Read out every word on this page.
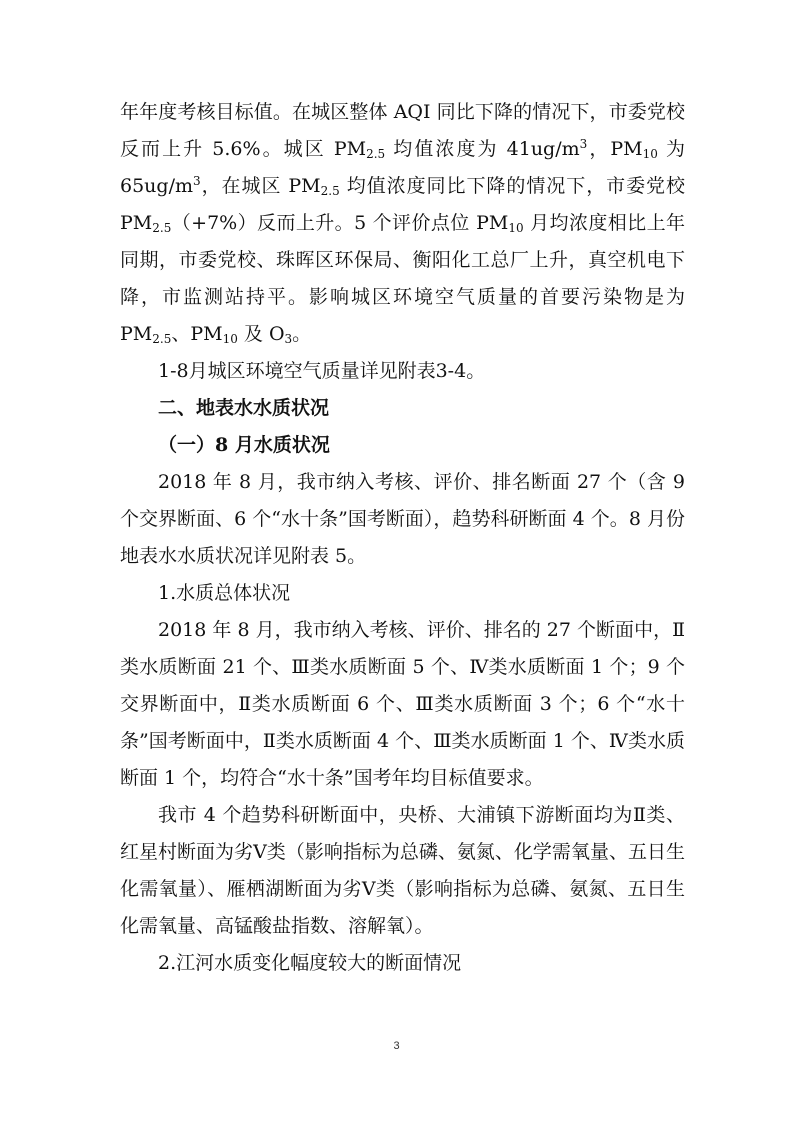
年年度考核目标值。在城区整体 AQI 同比下降的情况下，市委党校反而上升 5.6%。城区 $PM_{2.5}$ 均值浓度为 $41ug/m^3$，$PM_{10}$ 为 $65ug/m^3$，在城区 $PM_{2.5}$ 均值浓度同比下降的情况下，市委党校 $PM_{2.5}(+7\%)$反而上升。5 个评价点位 $PM_{10}$ 月均浓度相比上年同期，市委党校、珠晖区环保局、衡阳化工总厂上升，真空机电下降，市监测站持平。影响城区环境空气质量的首要污染物是为 $PM_{2.5}$、$PM_{10}$ 及 $O_3$。

1-8月城区环境空气质量详见附表3-4。

二、地表水水质状况

（一）8 月水质状况

2018 年 8 月，我市纳入考核、评价、排名断面 27 个（含 9 个交界断面、6 个“水十条”国考断面），趋势科研断面 4 个。8 月份地表水水质状况详见附表 5。

1.水质总体状况

2018 年 8 月，我市纳入考核、评价、排名的 27 个断面中，Ⅱ类水质断面 21 个、Ⅲ类水质断面 5 个、Ⅳ类水质断面 1 个；9 个交界断面中，Ⅱ类水质断面 6 个、Ⅲ类水质断面 3 个；6 个“水十条”国考断面中，Ⅱ类水质断面 4 个、Ⅲ类水质断面 1 个、Ⅳ类水质断面 1 个，均符合“水十条”国考年均目标值要求。

我市 4 个趋势科研断面中，央桥、大浦镇下游断面均为Ⅱ类、红星村断面为劣Ⅴ类（影响指标为总磷、氨氮、化学需氧量、五日生化需氧量）、雁栖湖断面为劣Ⅴ类（影响指标为总磷、氨氮、五日生化需氧量、高锰酸盐指数、溶解氧）。

2.江河水质变化幅度较大的断面情况

3
